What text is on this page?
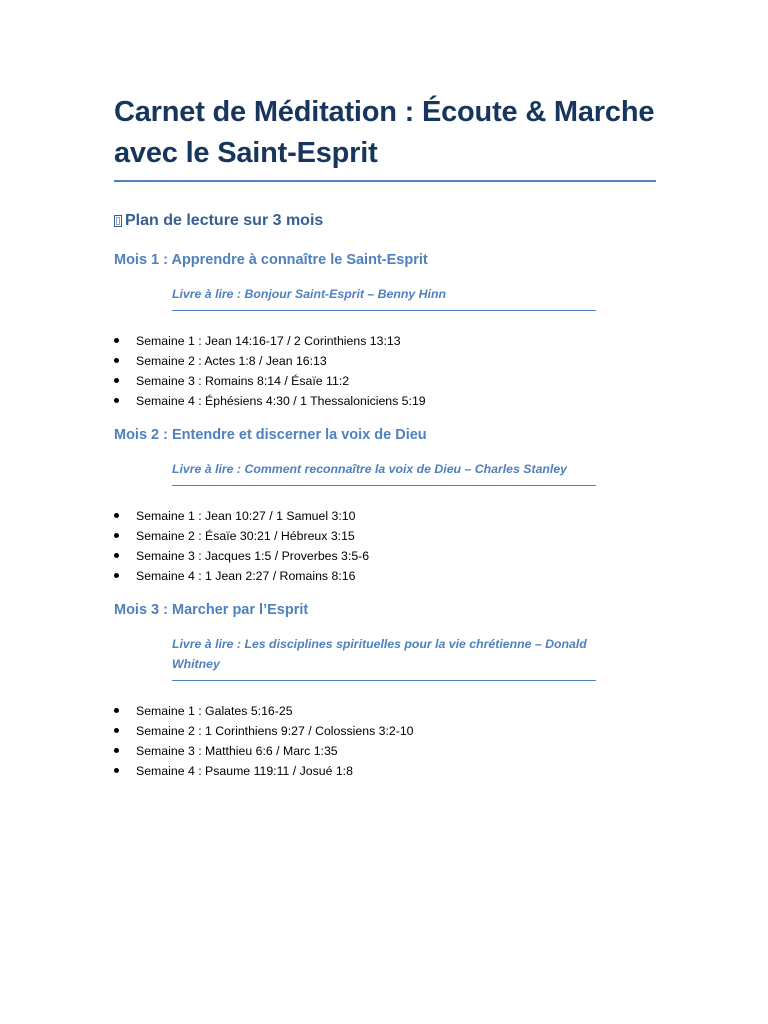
Carnet de Méditation : Écoute & Marche avec le Saint-Esprit
Plan de lecture sur 3 mois

Mois 1 : Apprendre à connaître le Saint-Esprit

Livre à lire : Bonjour Saint-Esprit – Benny Hinn
Semaine 1 : Jean 14:16-17 / 2 Corinthiens 13:13
Semaine 2 : Actes 1:8 / Jean 16:13
Semaine 3 : Romains 8:14 / Ésaïe 11:2
Semaine 4 : Éphésiens 4:30 / 1 Thessaloniciens 5:19

Mois 2 : Entendre et discerner la voix de Dieu

Livre à lire : Comment reconnaître la voix de Dieu – Charles Stanley
Semaine 1 : Jean 10:27 / 1 Samuel 3:10
Semaine 2 : Ésaïe 30:21 / Hébreux 3:15
Semaine 3 : Jacques 1:5 / Proverbes 3:5-6
Semaine 4 : 1 Jean 2:27 / Romains 8:16

Mois 3 : Marcher par l’Esprit

Livre à lire : Les disciplines spirituelles pour la vie chrétienne – Donald Whitney
Semaine 1 : Galates 5:16-25
Semaine 2 : 1 Corinthiens 9:27 / Colossiens 3:2-10
Semaine 3 : Matthieu 6:6 / Marc 1:35
Semaine 4 : Psaume 119:11 / Josué 1:8
